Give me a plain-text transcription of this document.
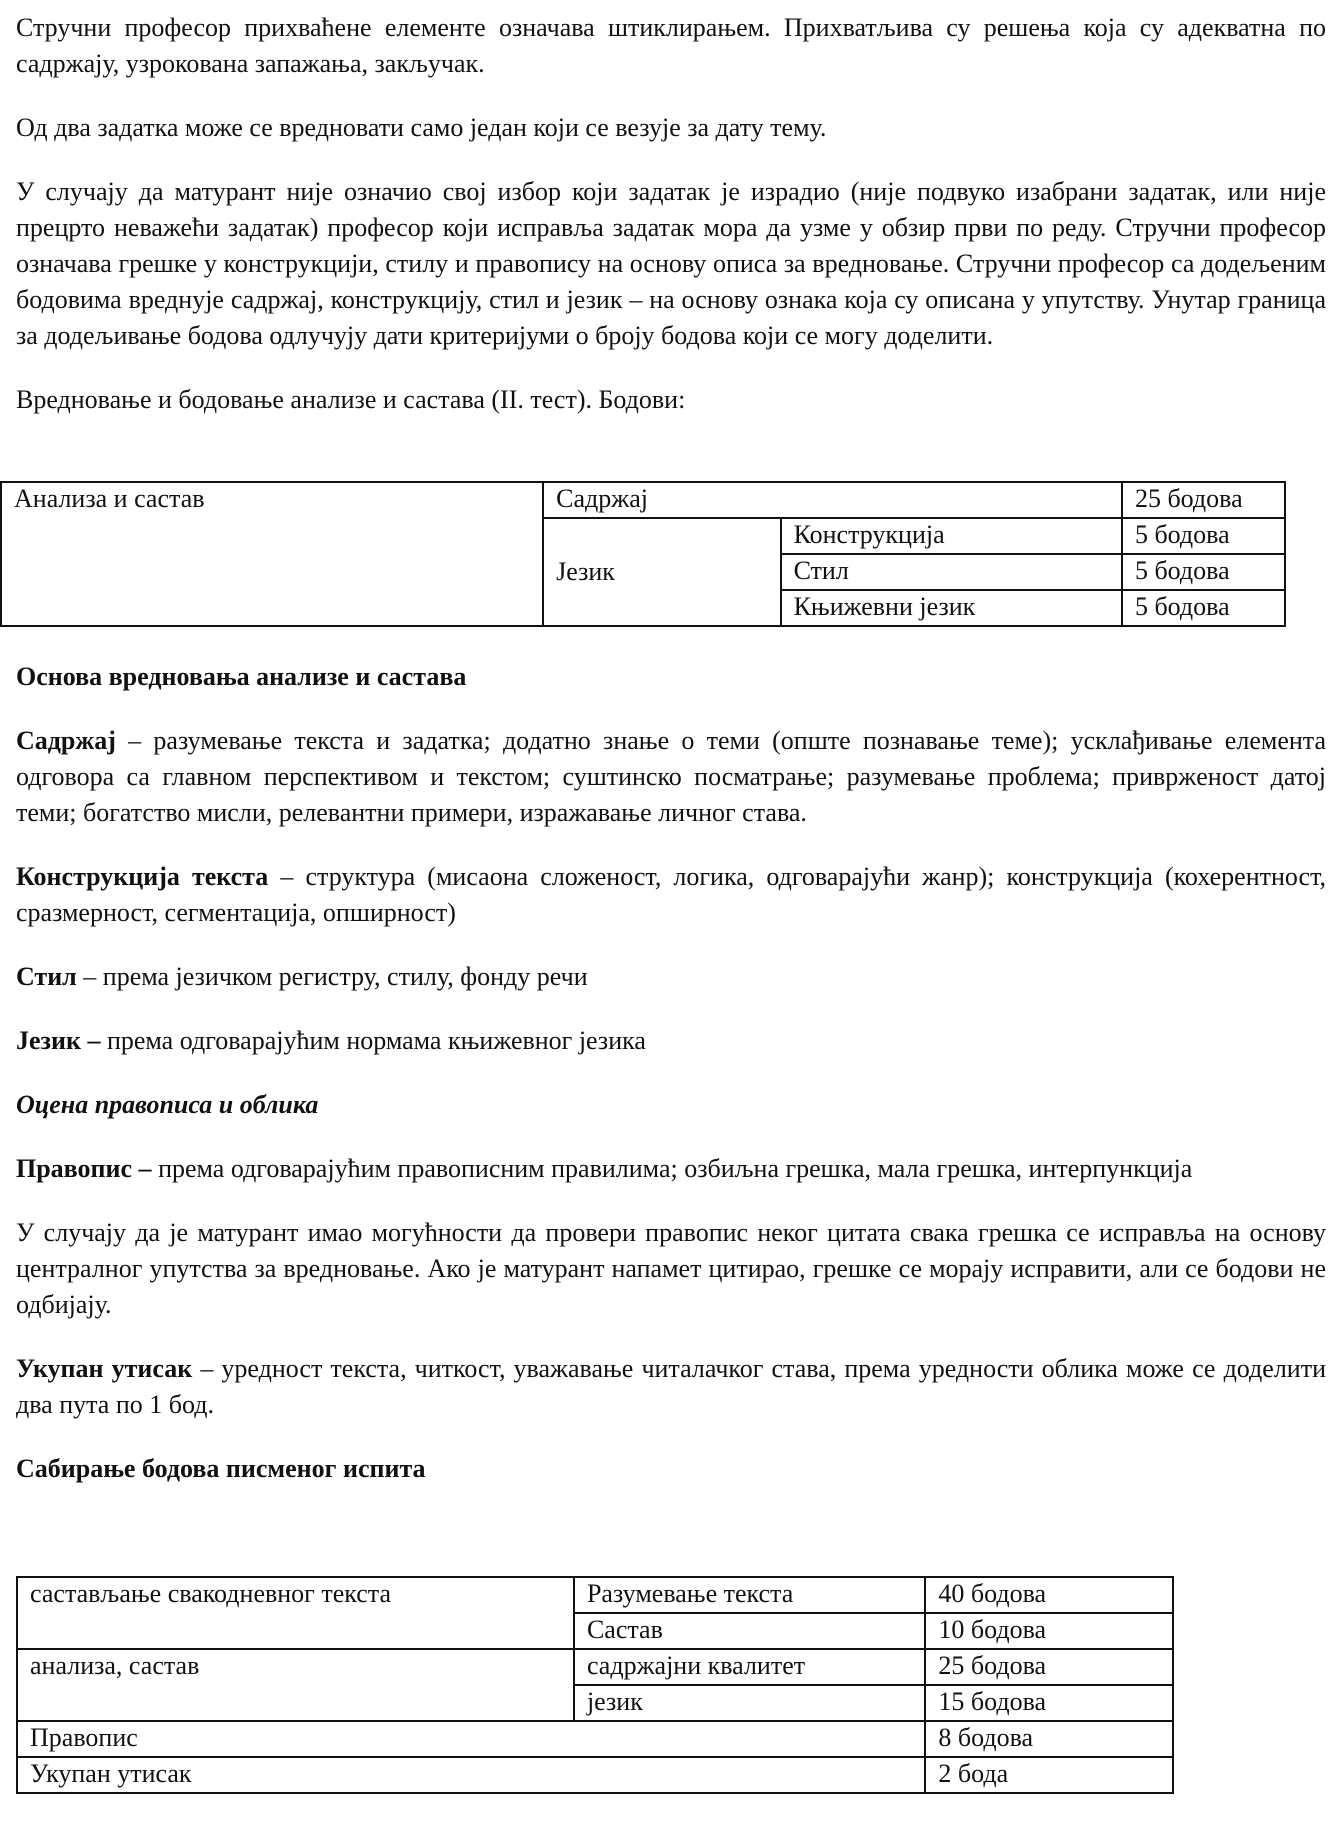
Стручни професор прихваћене елементе означава штиклирањем. Прихватљива су решења која су адекватна по садржају, узрокована запажања, закључак.

Од два задатка може се вредновати само један који се везује за дату тему.

У случају да матурант није означио свој избор који задатак је израдио (није подвуко изабрани задатак, или није прецрто неважећи задатак) професор који исправља задатак мора да узме у обзир први по реду. Стручни професор означава грешке у конструкцији, стилу и правопису на основу описа за вредновање. Стручни професор са додељеним бодовима вреднује садржај, конструкцију, стил и језик – на основу ознака која су описана у упутству. Унутар граница за додељивање бодова одлучују дати критеријуми о броју бодова који се могу доделити.

Вредновање и бодовање анализе и састава (II. тест). Бодови:

Анализа и састав	Садржај		25 бодова
	Језик	Конструкција	5 бодова
		Стил	5 бодова
		Књижевни језик	5 бодова

Основа вредновања анализе и састава

Садржај – разумевање текста и задатка; додатно знање о теми (опште познавање теме); усклађивање елемента одговора са главном перспективом и текстом; суштинско посматрање; разумевање проблема; привржeност датој теми; богатство мисли, релевантни примери, изражавање личног става.

Конструкција текста – структура (мисаона сложеност, логика, одговарајући жанр); конструкција (кохерентност, сразмерност, сегментација, опширност)

Стил – према језичком регистру, стилу, фонду речи

Језик – према одговарајућим нормама књижевног језика

Оцена правописа и облика

Правопис – према одговарајућим правописним правилима; озбиљна грешка, мала грешка, интерпункција

У случају да је матурант имао могућности да провери правопис неког цитата свака грешка се исправља на основу централног упутства за вредновање. Ако је матурант напамет цитирао, грешке се морају исправити, али се бодови не одбијају.

Укупан утисак – уредност текста, читкост, уважавање читалачког става, према уредности облика може се доделити два пута по 1 бод.

Сабирање бодова писменог испита

састављање свакодневног текста	Разумевање текста	40 бодова
	Састав	10 бодова
анализа, састав	садржајни квалитет	25 бодова
	језик	15 бодова
Правопис		8 бодова
Укупан утисак		2 бода
